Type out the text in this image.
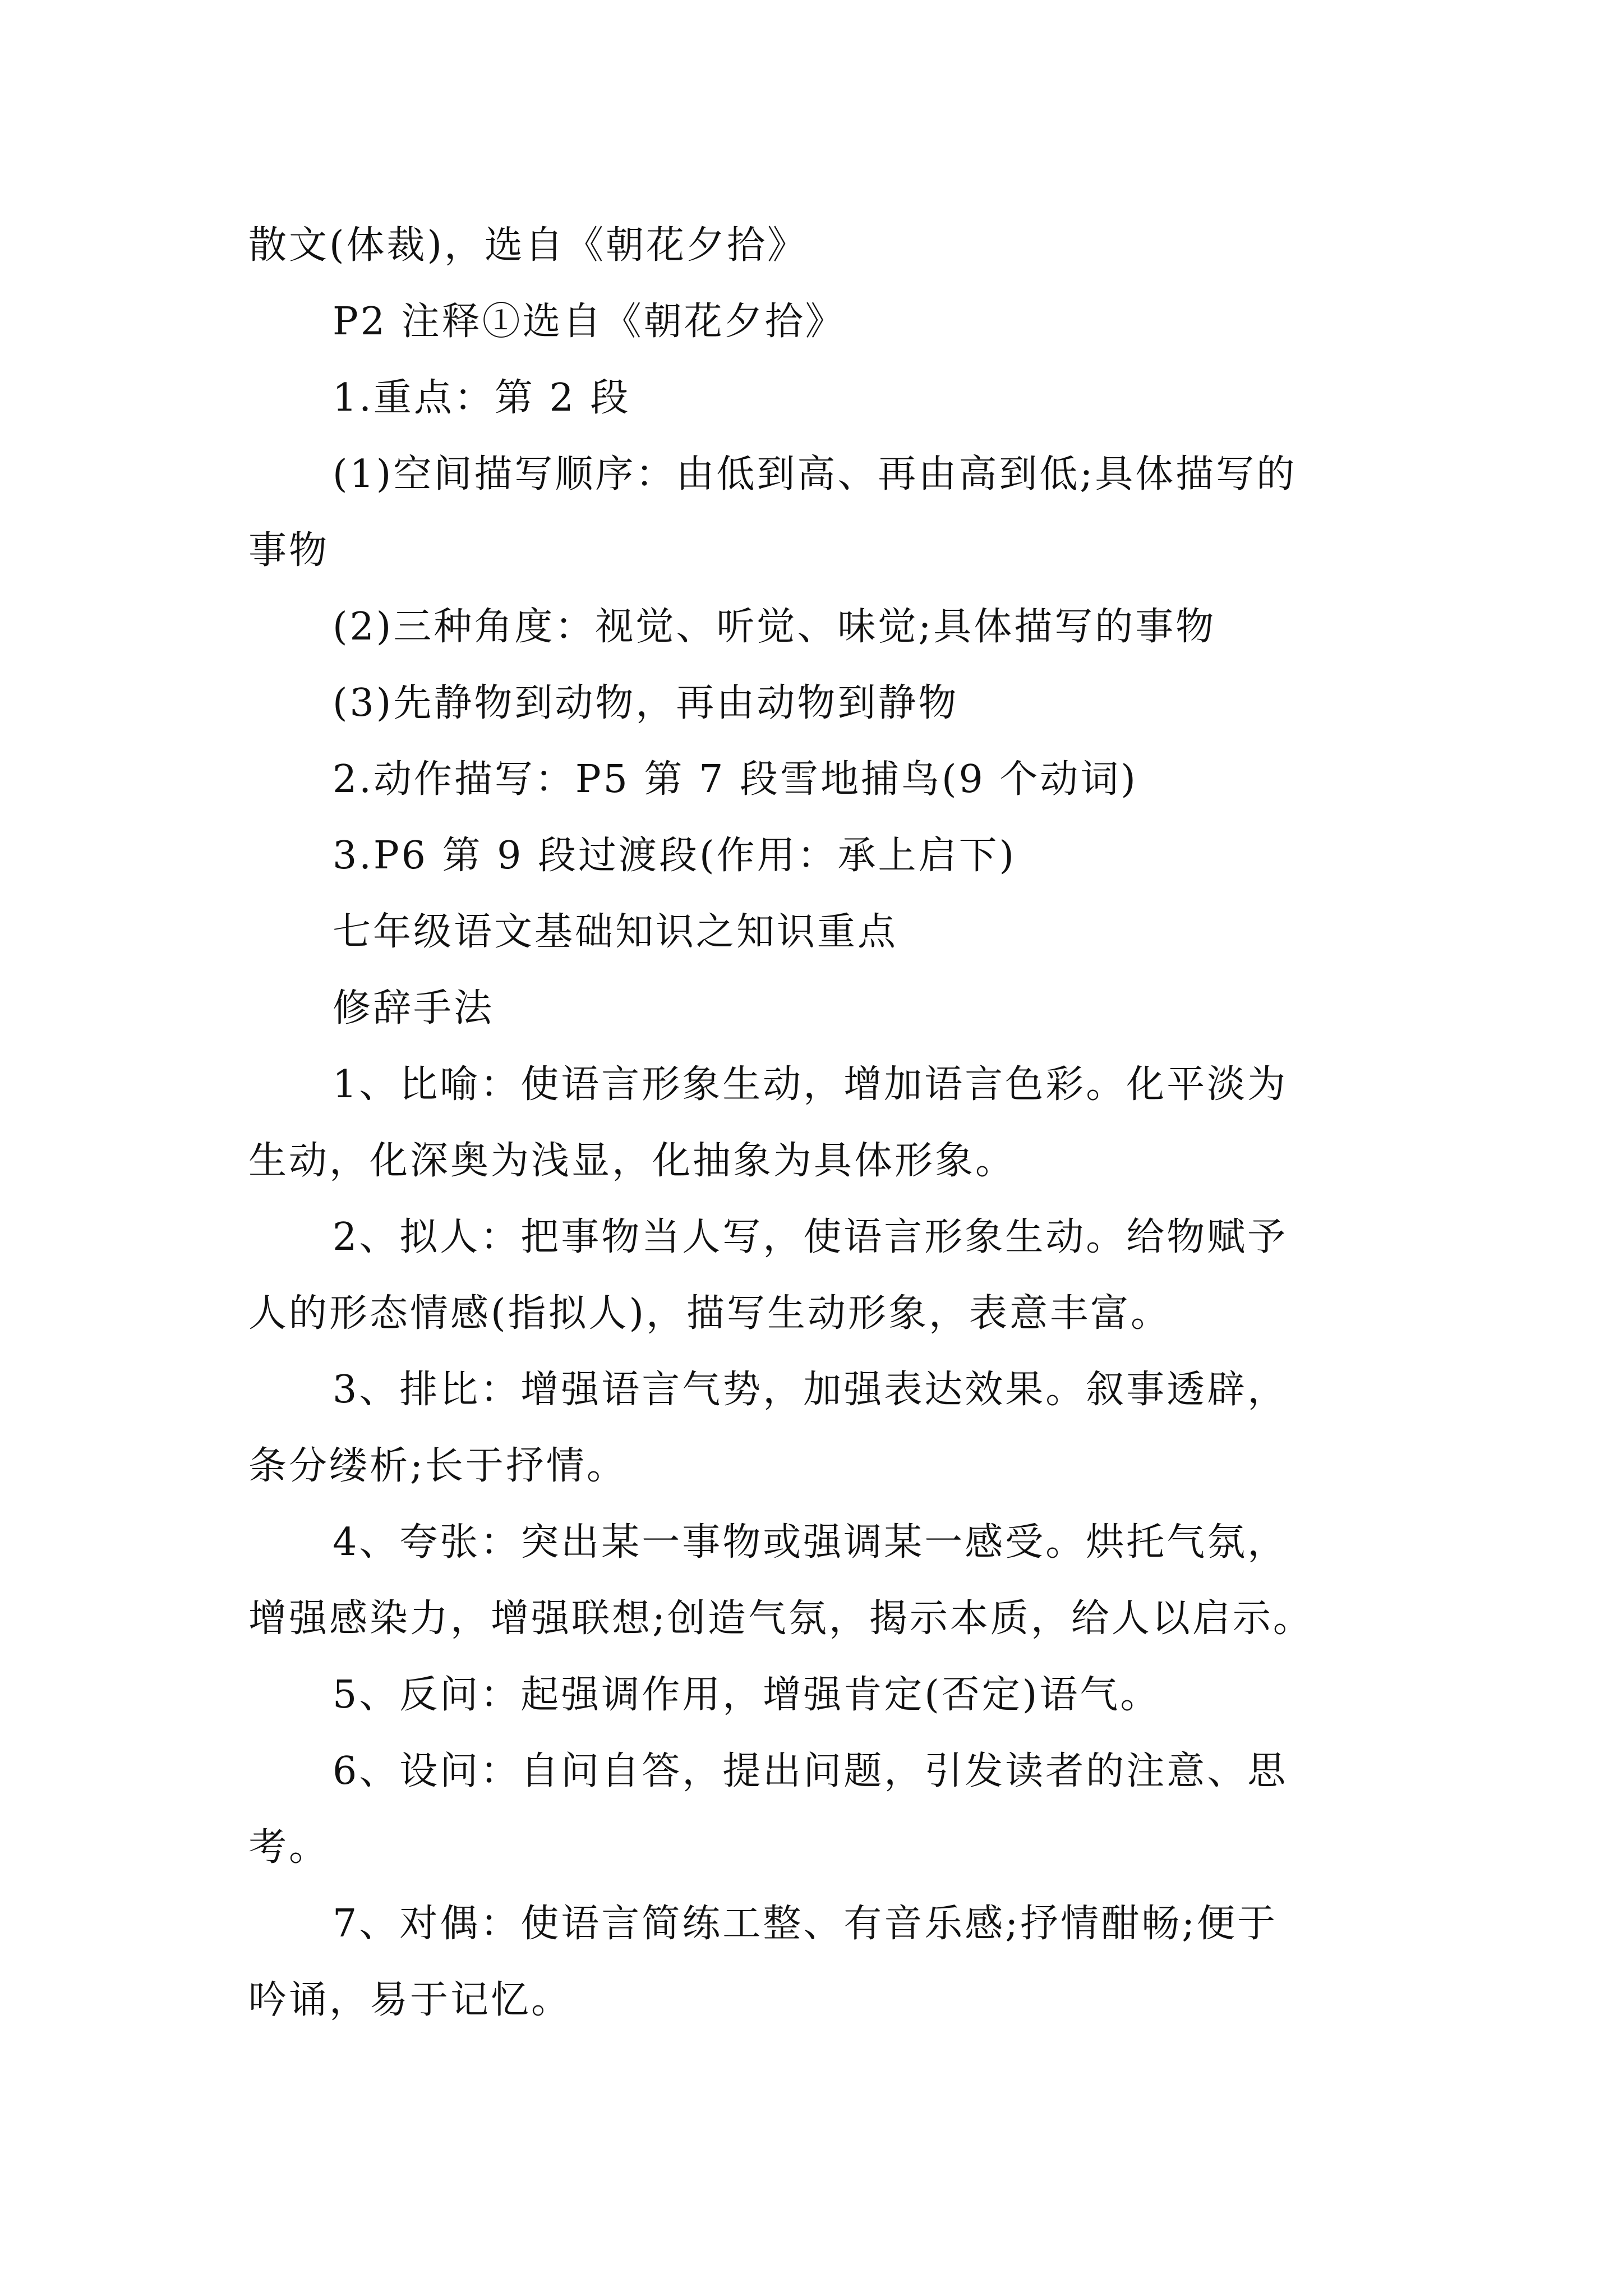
散文(体裁)，选自《朝花夕拾》

P2 注释①选自《朝花夕拾》

1.重点：第 2 段

(1)空间描写顺序：由低到高、再由高到低;具体描写的
事物

(2)三种角度：视觉、听觉、味觉;具体描写的事物

(3)先静物到动物，再由动物到静物

2.动作描写：P5 第 7 段雪地捕鸟(9 个动词)

3.P6 第 9 段过渡段(作用：承上启下)

七年级语文基础知识之知识重点

修辞手法

1、比喻：使语言形象生动，增加语言色彩。化平淡为
生动，化深奥为浅显，化抽象为具体形象。

2、拟人：把事物当人写，使语言形象生动。给物赋予
人的形态情感(指拟人)，描写生动形象，表意丰富。

3、排比：增强语言气势，加强表达效果。叙事透辟，
条分缕析;长于抒情。

4、夸张：突出某一事物或强调某一感受。烘托气氛，
增强感染力，增强联想;创造气氛，揭示本质，给人以启示。

5、反问：起强调作用，增强肯定(否定)语气。

6、设问：自问自答，提出问题，引发读者的注意、思
考。

7、对偶：使语言简练工整、有音乐感;抒情酣畅;便于
吟诵，易于记忆。
